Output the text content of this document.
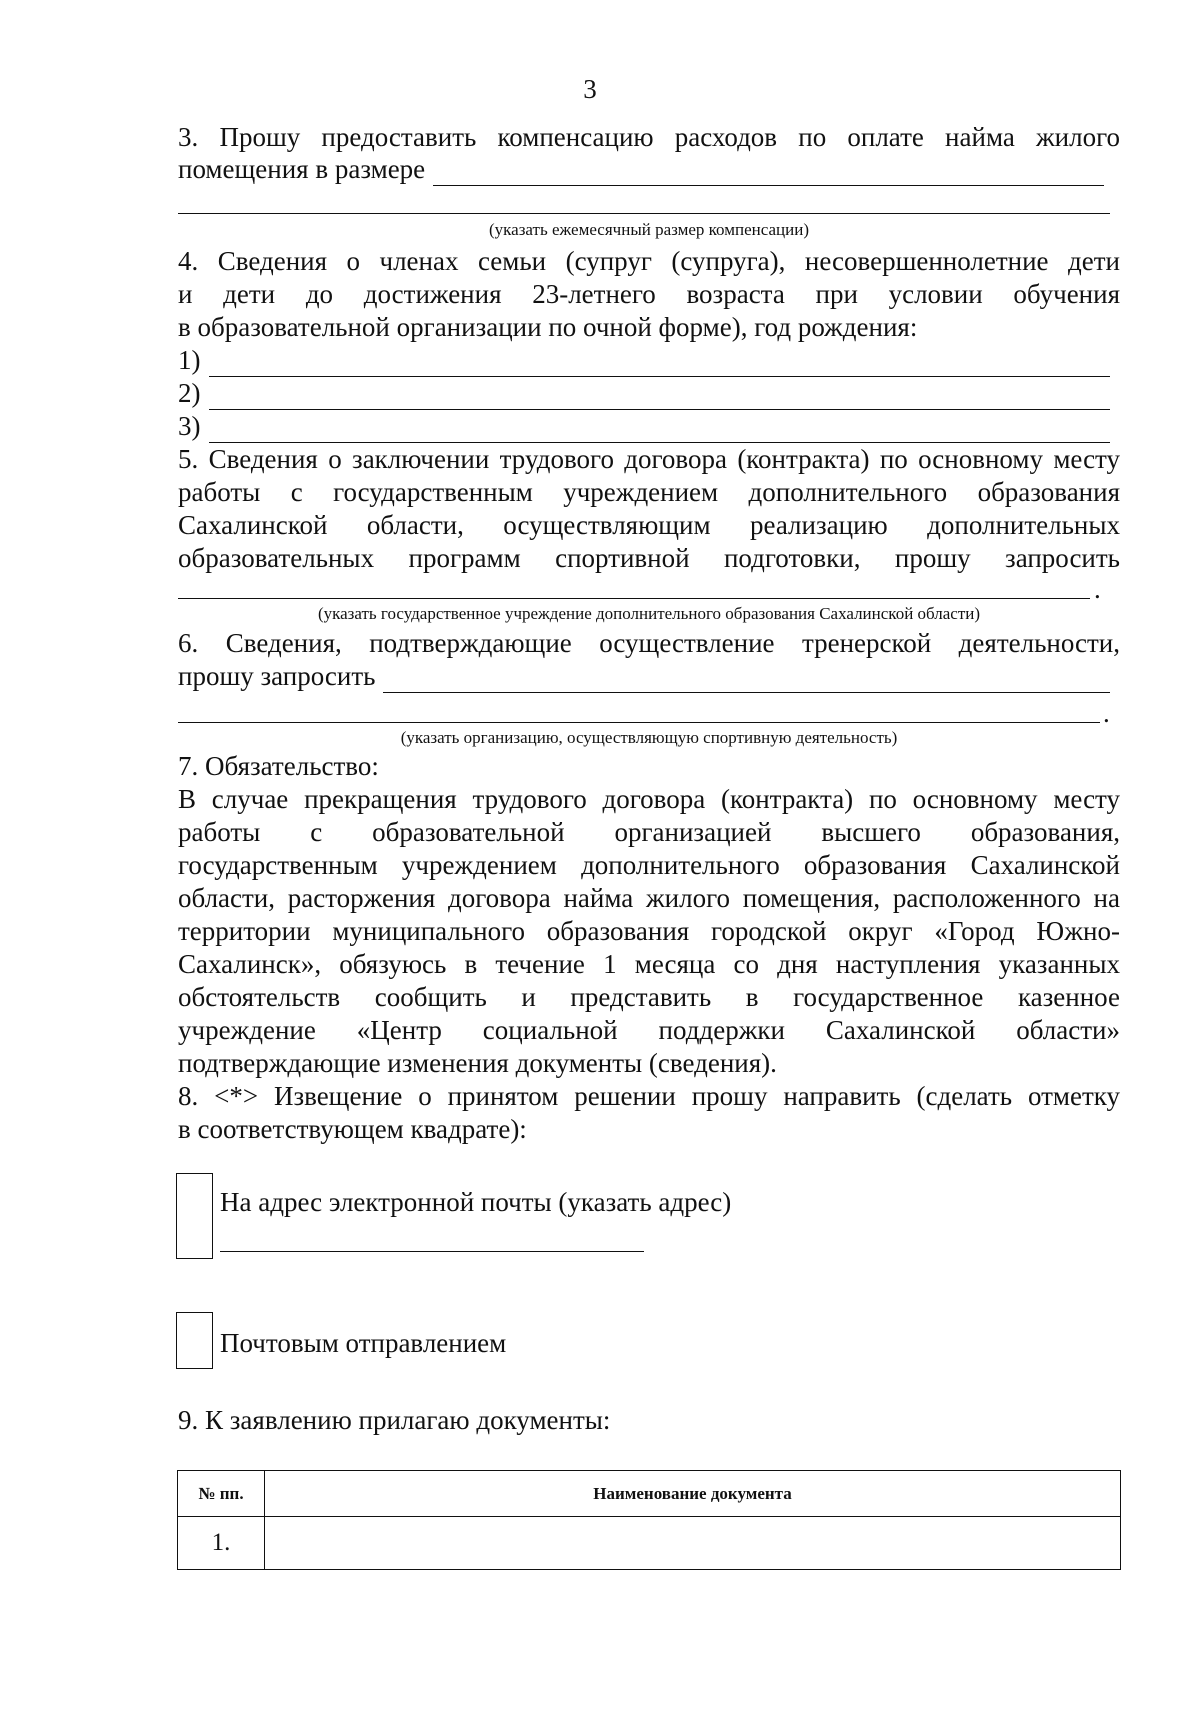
3
3. Прошу предоставить компенсацию расходов по оплате найма жилого
помещения в размере
(указать ежемесячный размер компенсации)
4. Сведения о членах семьи (супруг (супруга), несовершеннолетние дети
и дети до достижения 23-летнего возраста при условии обучения
в образовательной организации по очной форме), год рождения:
1)
2)
3)
5. Сведения о заключении трудового договора (контракта) по основному месту
работы с государственным учреждением дополнительного образования
Сахалинской области, осуществляющим реализацию дополнительных
образовательных программ спортивной подготовки, прошу запросить
.
(указать государственное учреждение дополнительного образования Сахалинской области)
6. Сведения, подтверждающие осуществление тренерской деятельности,
прошу запросить
.
(указать организацию, осуществляющую спортивную деятельность)
7. Обязательство:
В случае прекращения трудового договора (контракта) по основному месту
работы с образовательной организацией высшего образования,
государственным учреждением дополнительного образования Сахалинской
области, расторжения договора найма жилого помещения, расположенного на
территории муниципального образования городской округ «Город Южно-
Сахалинск», обязуюсь в течение 1 месяца со дня наступления указанных
обстоятельств сообщить и представить в государственное казенное
учреждение «Центр социальной поддержки Сахалинской области»
подтверждающие изменения документы (сведения).
8. <*> Извещение о принятом решении прошу направить (сделать отметку
в соответствующем квадрате):
На адрес электронной почты (указать адрес)
Почтовым отправлением
9. К заявлению прилагаю документы:
№ пп.	Наименование документа
1.	
